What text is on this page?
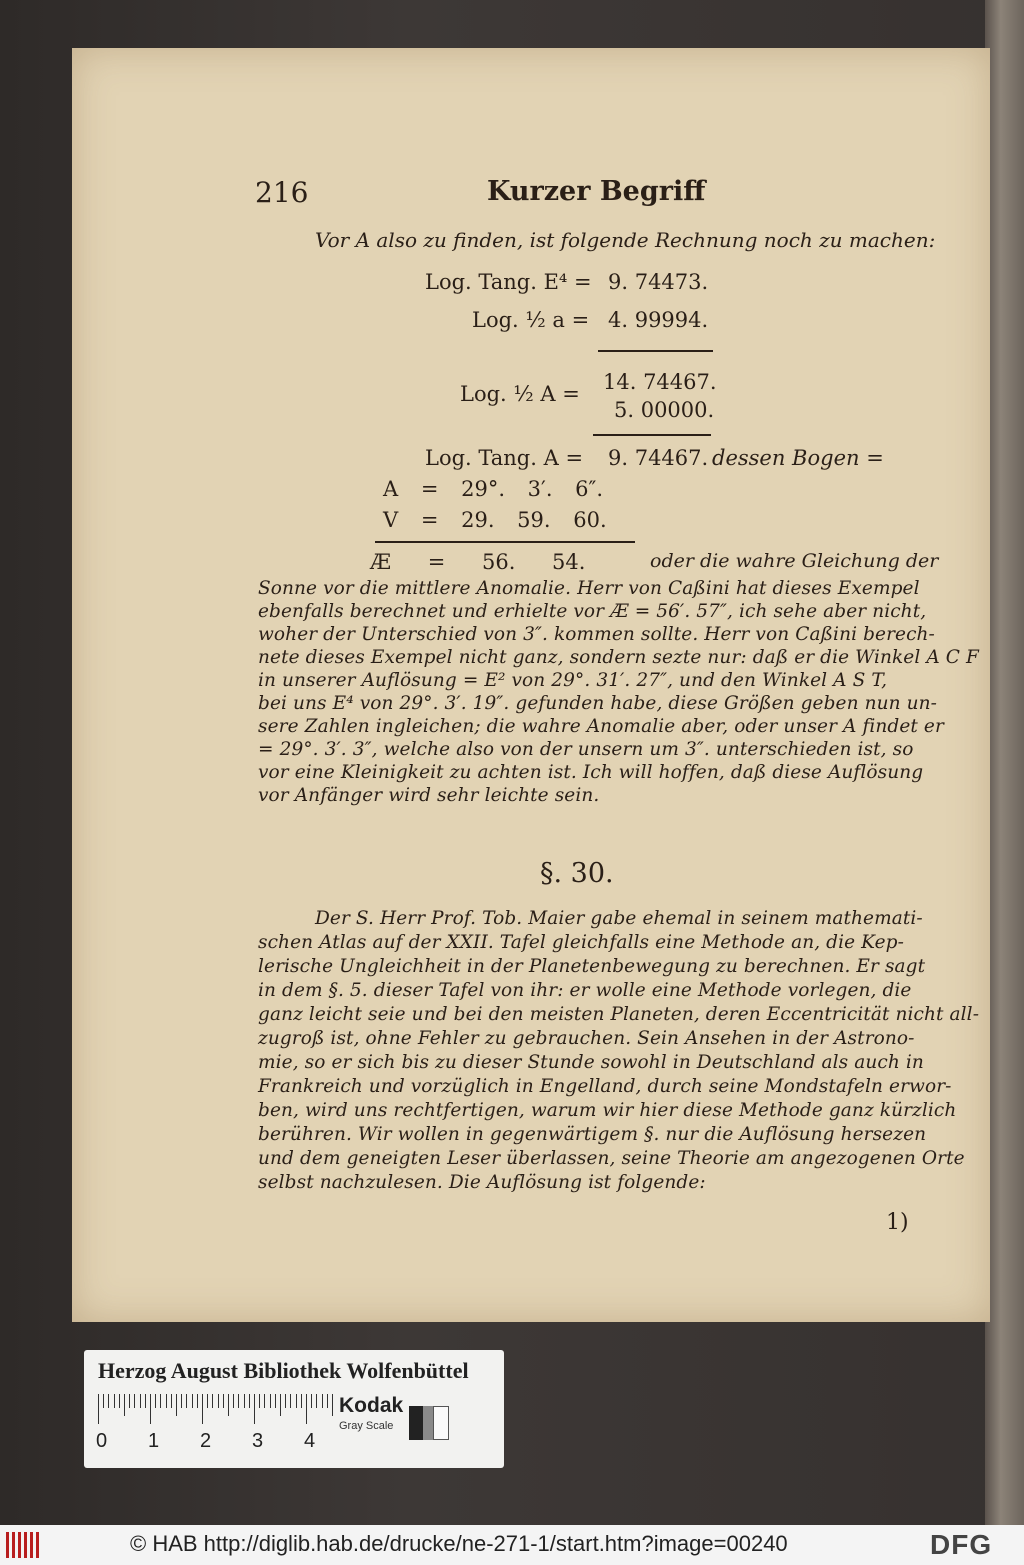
216	Kurzer Begriff
Vor A also zu finden, ist folgende Rechnung noch zu machen:
Log. Tang. E⁴ = 9. 74473.
Log. ½ a = 4. 99994.
Log. ½ A = 14. 74467.
5. 00000.
Log. Tang. A = 9. 74467. dessen Bogen =
A = 29°. 3′. 6″.
V = 29. 59. 60.
Æ = 56. 54.	oder die wahre Gleichung der
Sonne vor die mittlere Anomalie. Herr von Caßini hat dieses Exempel
ebenfalls berechnet und erhielte vor Æ = 56′. 57″, ich sehe aber nicht,
woher der Unterschied von 3″. kommen sollte. Herr von Caßini berech-
nete dieses Exempel nicht ganz, sondern sezte nur: daß er die Winkel A C F
in unserer Auflösung = E² von 29°. 31′. 27″, und den Winkel A S T,
bei uns E⁴ von 29°. 3′. 19″. gefunden habe, diese Größen geben nun un-
sere Zahlen ingleichen; die wahre Anomalie aber, oder unser A findet er
= 29°. 3′. 3″, welche also von der unsern um 3″. unterschieden ist, so
vor eine Kleinigkeit zu achten ist. Ich will hoffen, daß diese Auflösung
vor Anfänger wird sehr leichte sein.
§. 30.
Der S. Herr Prof. Tob. Maier gabe ehemal in seinem mathemati-
schen Atlas auf der XXII. Tafel gleichfalls eine Methode an, die Kep-
lerische Ungleichheit in der Planetenbewegung zu berechnen. Er sagt
in dem §. 5. dieser Tafel von ihr: er wolle eine Methode vorlegen, die
ganz leicht seie und bei den meisten Planeten, deren Eccentricität nicht all-
zugroß ist, ohne Fehler zu gebrauchen. Sein Ansehen in der Astrono-
mie, so er sich bis zu dieser Stunde sowohl in Deutschland als auch in
Frankreich und vorzüglich in Engelland, durch seine Mondstafeln erwor-
ben, wird uns rechtfertigen, warum wir hier diese Methode ganz kürzlich
berühren. Wir wollen in gegenwärtigem §. nur die Auflösung hersezen
und dem geneigten Leser überlassen, seine Theorie am angezogenen Orte
selbst nachzulesen. Die Auflösung ist folgende:
1)
Herzog August Bibliothek Wolfenbüttel
0 1 2 3 4
Kodak
Gray Scale
© HAB http://diglib.hab.de/drucke/ne-271-1/start.htm?image=00240	DFG
